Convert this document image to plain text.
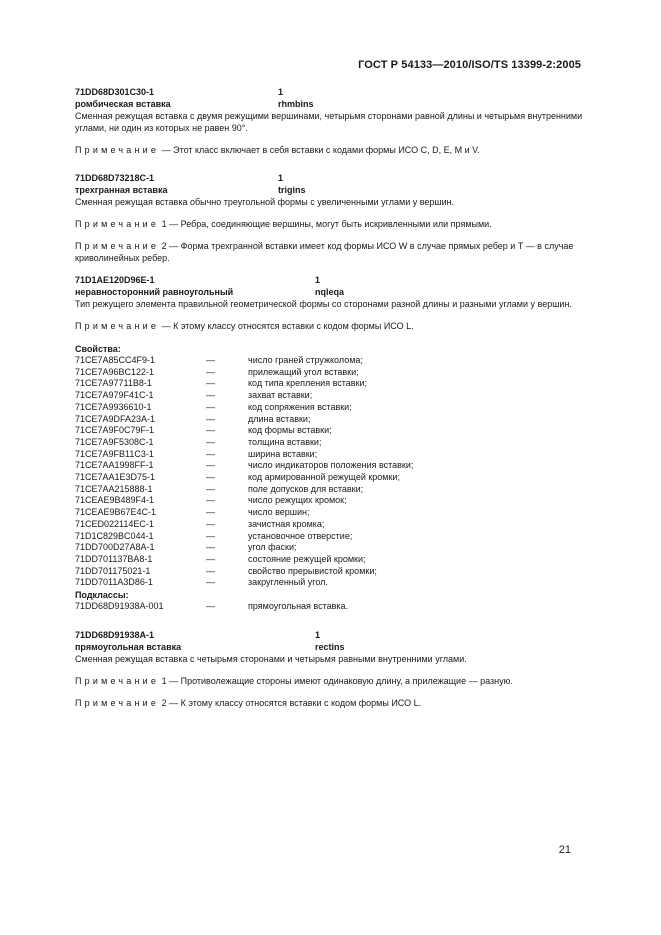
ГОСТ Р 54133—2010/ISO/TS 13399-2:2005
71DD68D301C30-1	1
ромбическая вставка	rhmbins
Сменная режущая вставка с двумя режущими вершинами, четырьмя сторонами равной длины и четырьмя внутренними углами, ни один из которых не равен 90°.
Примечание — Этот класс включает в себя вставки с кодами формы ИСО C, D, E, M и V.
71DD68D73218C-1	1
трехгранная вставка	trigins
Сменная режущая вставка обычно треугольной формы с увеличенными углами у вершин.
Примечание 1 — Ребра, соединяющие вершины, могут быть искривленными или прямыми.
Примечание 2 — Форма трехгранной вставки имеет код формы ИСО W в случае прямых ребер и T — в случае криволинейных ребер.
71D1AE120D96E-1	1
неравносторонний равноугольный	nqleqa
Тип режущего элемента правильной геометрической формы со сторонами разной длины и разными углами у вершин.
Примечание — К этому классу относятся вставки с кодом формы ИСО L.
Свойства:
71CE7A85CC4F9-1	—	число граней стружколома;
71CE7A96BC122-1	—	прилежащий угол вставки;
71CE7A97711B8-1	—	код типа крепления вставки;
71CE7A979F41C-1	—	захват вставки;
71CE7A9936610-1	—	код сопряжения вставки;
71CE7A9DFA23A-1	—	длина вставки;
71CE7A9F0C79F-1	—	код формы вставки;
71CE7A9F5308C-1	—	толщина вставки;
71CE7A9FB11C3-1	—	ширина вставки;
71CE7AA1998FF-1	—	число индикаторов положения вставки;
71CE7AA1E3D75-1	—	код армированной режущей кромки;
71CE7AA215888-1	—	поле допусков для вставки;
71CEAE9B489F4-1	—	число режущих кромок;
71CEAE9B67E4C-1	—	число вершин;
71CED022114EC-1	—	зачистная кромка;
71D1C829BC044-1	—	установочное отверстие;
71DD700D27A8A-1	—	угол фаски;
71DD701137BA8-1	—	состояние режущей кромки;
71DD701175021-1	—	свойство прерывистой кромки;
71DD7011A3D86-1	—	закругленный угол.
Подклассы:
71DD68D91938A-001	—	прямоугольная вставка.
71DD68D91938A-1	1
прямоугольная вставка	rectins
Сменная режущая вставка с четырьмя сторонами и четырьмя равными внутренними углами.
Примечание 1 — Противолежащие стороны имеют одинаковую длину, а прилежащие — разную.
Примечание 2 — К этому классу относятся вставки с кодом формы ИСО L.
21
